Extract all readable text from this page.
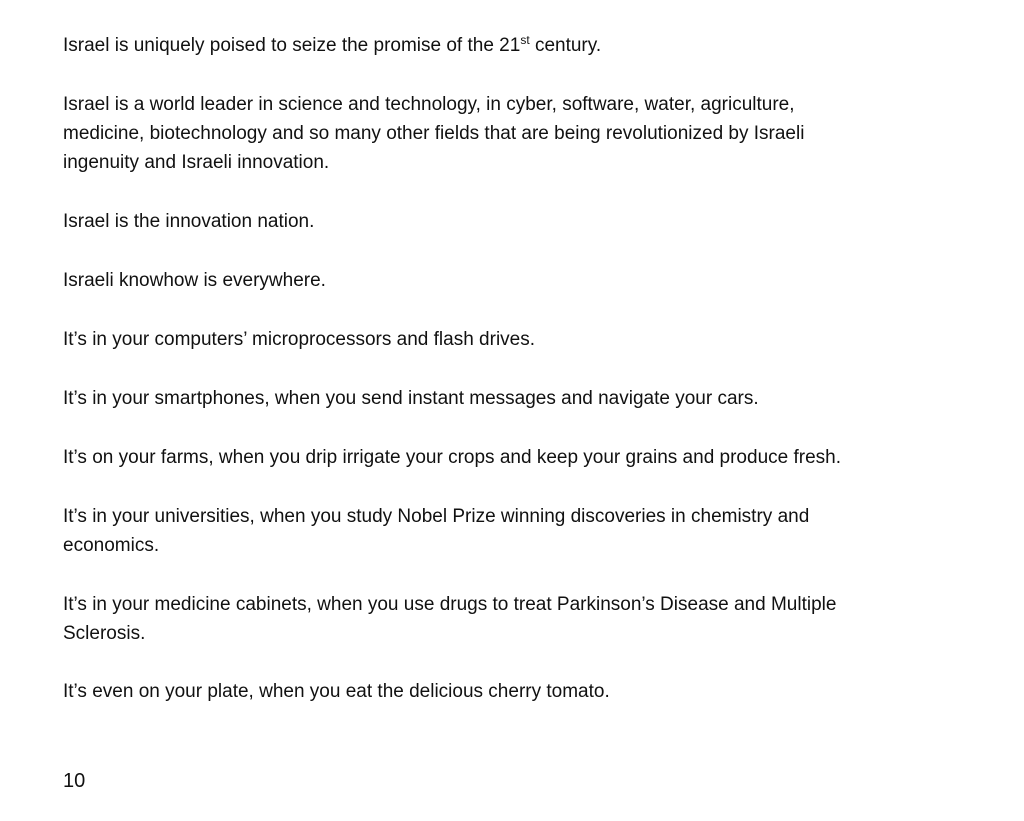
Israel is uniquely poised to seize the promise of the 21st century.

Israel is a world leader in science and technology, in cyber, software, water, agriculture,
medicine, biotechnology and so many other fields that are being revolutionized by Israeli
ingenuity and Israeli innovation.

Israel is the innovation nation.

Israeli knowhow is everywhere.

It’s in your computers’ microprocessors and flash drives.

It’s in your smartphones, when you send instant messages and navigate your cars.

It’s on your farms, when you drip irrigate your crops and keep your grains and produce fresh.

It’s in your universities, when you study Nobel Prize winning discoveries in chemistry and
economics.

It’s in your medicine cabinets, when you use drugs to treat Parkinson’s Disease and Multiple
Sclerosis.

It’s even on your plate, when you eat the delicious cherry tomato.

10
